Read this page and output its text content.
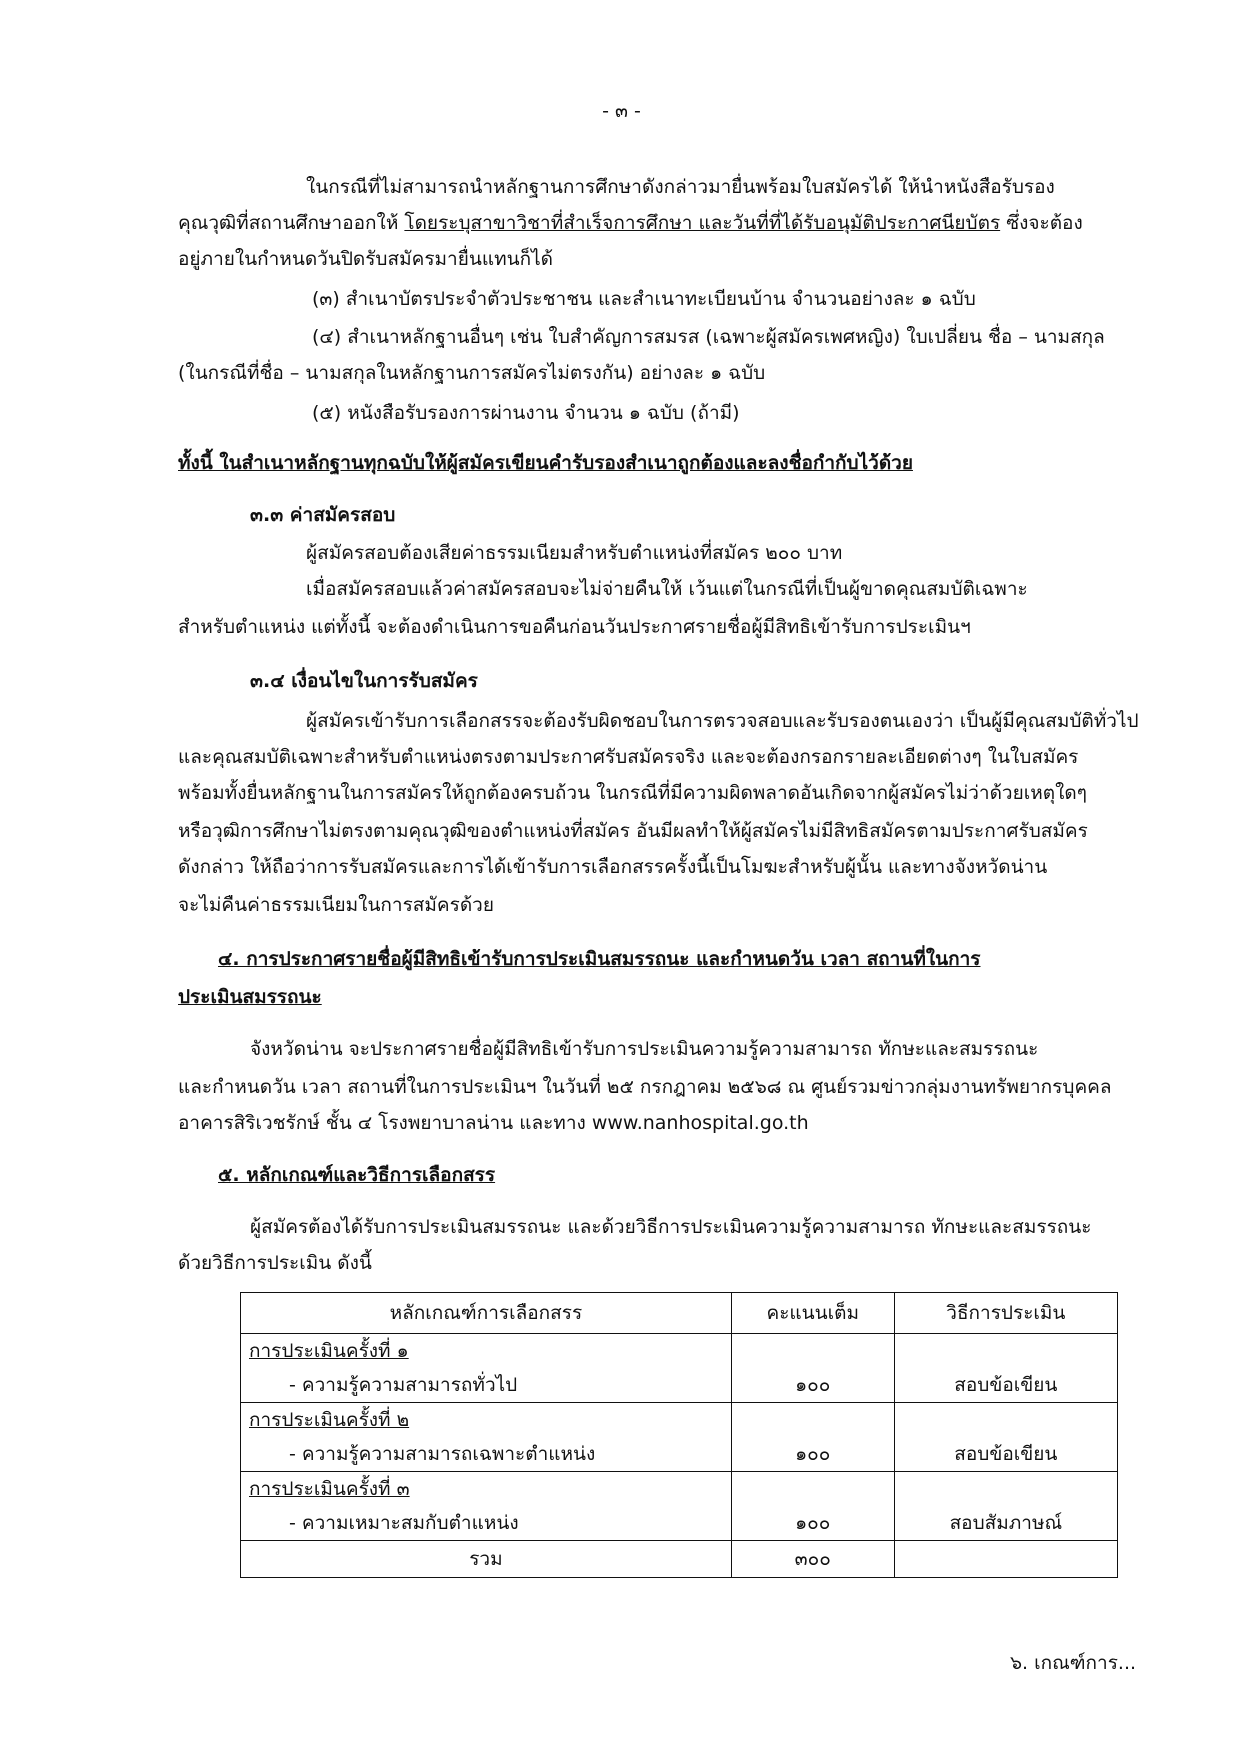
- ๓ -
ในกรณีที่ไม่สามารถนำหลักฐานการศึกษาดังกล่าวมายื่นพร้อมใบสมัครได้ ให้นำหนังสือรับรอง
คุณวุฒิที่สถานศึกษาออกให้ โดยระบุสาขาวิชาที่สำเร็จการศึกษา และวันที่ที่ได้รับอนุมัติประกาศนียบัตร ซึ่งจะต้อง
อยู่ภายในกำหนดวันปิดรับสมัครมายื่นแทนก็ได้
(๓) สำเนาบัตรประจำตัวประชาชน และสำเนาทะเบียนบ้าน จำนวนอย่างละ ๑ ฉบับ
(๔) สำเนาหลักฐานอื่นๆ เช่น ใบสำคัญการสมรส (เฉพาะผู้สมัครเพศหญิง) ใบเปลี่ยน ชื่อ – นามสกุล
(ในกรณีที่ชื่อ – นามสกุลในหลักฐานการสมัครไม่ตรงกัน) อย่างละ ๑ ฉบับ
(๕) หนังสือรับรองการผ่านงาน จำนวน ๑ ฉบับ (ถ้ามี)
ทั้งนี้ ในสำเนาหลักฐานทุกฉบับให้ผู้สมัครเขียนคำรับรองสำเนาถูกต้องและลงชื่อกำกับไว้ด้วย
๓.๓ ค่าสมัครสอบ
ผู้สมัครสอบต้องเสียค่าธรรมเนียมสำหรับตำแหน่งที่สมัคร ๒๐๐ บาท
เมื่อสมัครสอบแล้วค่าสมัครสอบจะไม่จ่ายคืนให้ เว้นแต่ในกรณีที่เป็นผู้ขาดคุณสมบัติเฉพาะ
สำหรับตำแหน่ง แต่ทั้งนี้ จะต้องดำเนินการขอคืนก่อนวันประกาศรายชื่อผู้มีสิทธิเข้ารับการประเมินฯ
๓.๔ เงื่อนไขในการรับสมัคร
ผู้สมัครเข้ารับการเลือกสรรจะต้องรับผิดชอบในการตรวจสอบและรับรองตนเองว่า เป็นผู้มีคุณสมบัติทั่วไป
และคุณสมบัติเฉพาะสำหรับตำแหน่งตรงตามประกาศรับสมัครจริง และจะต้องกรอกรายละเอียดต่างๆ ในใบสมัคร
พร้อมทั้งยื่นหลักฐานในการสมัครให้ถูกต้องครบถ้วน ในกรณีที่มีความผิดพลาดอันเกิดจากผู้สมัครไม่ว่าด้วยเหตุใดๆ
หรือวุฒิการศึกษาไม่ตรงตามคุณวุฒิของตำแหน่งที่สมัคร อันมีผลทำให้ผู้สมัครไม่มีสิทธิสมัครตามประกาศรับสมัคร
ดังกล่าว ให้ถือว่าการรับสมัครและการได้เข้ารับการเลือกสรรครั้งนี้เป็นโมฆะสำหรับผู้นั้น และทางจังหวัดน่าน
จะไม่คืนค่าธรรมเนียมในการสมัครด้วย
๔. การประกาศรายชื่อผู้มีสิทธิเข้ารับการประเมินสมรรถนะ และกำหนดวัน เวลา สถานที่ในการ
ประเมินสมรรถนะ
จังหวัดน่าน จะประกาศรายชื่อผู้มีสิทธิเข้ารับการประเมินความรู้ความสามารถ ทักษะและสมรรถนะ
และกำหนดวัน เวลา สถานที่ในการประเมินฯ ในวันที่ ๒๕ กรกฎาคม ๒๕๖๘ ณ ศูนย์รวมข่าวกลุ่มงานทรัพยากรบุคคล
อาคารสิริเวชรักษ์ ชั้น ๔ โรงพยาบาลน่าน และทาง www.nanhospital.go.th
๕. หลักเกณฑ์และวิธีการเลือกสรร
ผู้สมัครต้องได้รับการประเมินสมรรถนะ และด้วยวิธีการประเมินความรู้ความสามารถ ทักษะและสมรรถนะ
ด้วยวิธีการประเมิน ดังนี้
หลักเกณฑ์การเลือกสรร	คะแนนเต็ม	วิธีการประเมิน

การประเมินครั้งที่ ๑
- ความรู้ความสามารถทั่วไป	๑๐๐	สอบข้อเขียน

การประเมินครั้งที่ ๒
- ความรู้ความสามารถเฉพาะตำแหน่ง	๑๐๐	สอบข้อเขียน

การประเมินครั้งที่ ๓
- ความเหมาะสมกับตำแหน่ง	๑๐๐	สอบสัมภาษณ์

รวม	๓๐๐	
๖. เกณฑ์การ...
